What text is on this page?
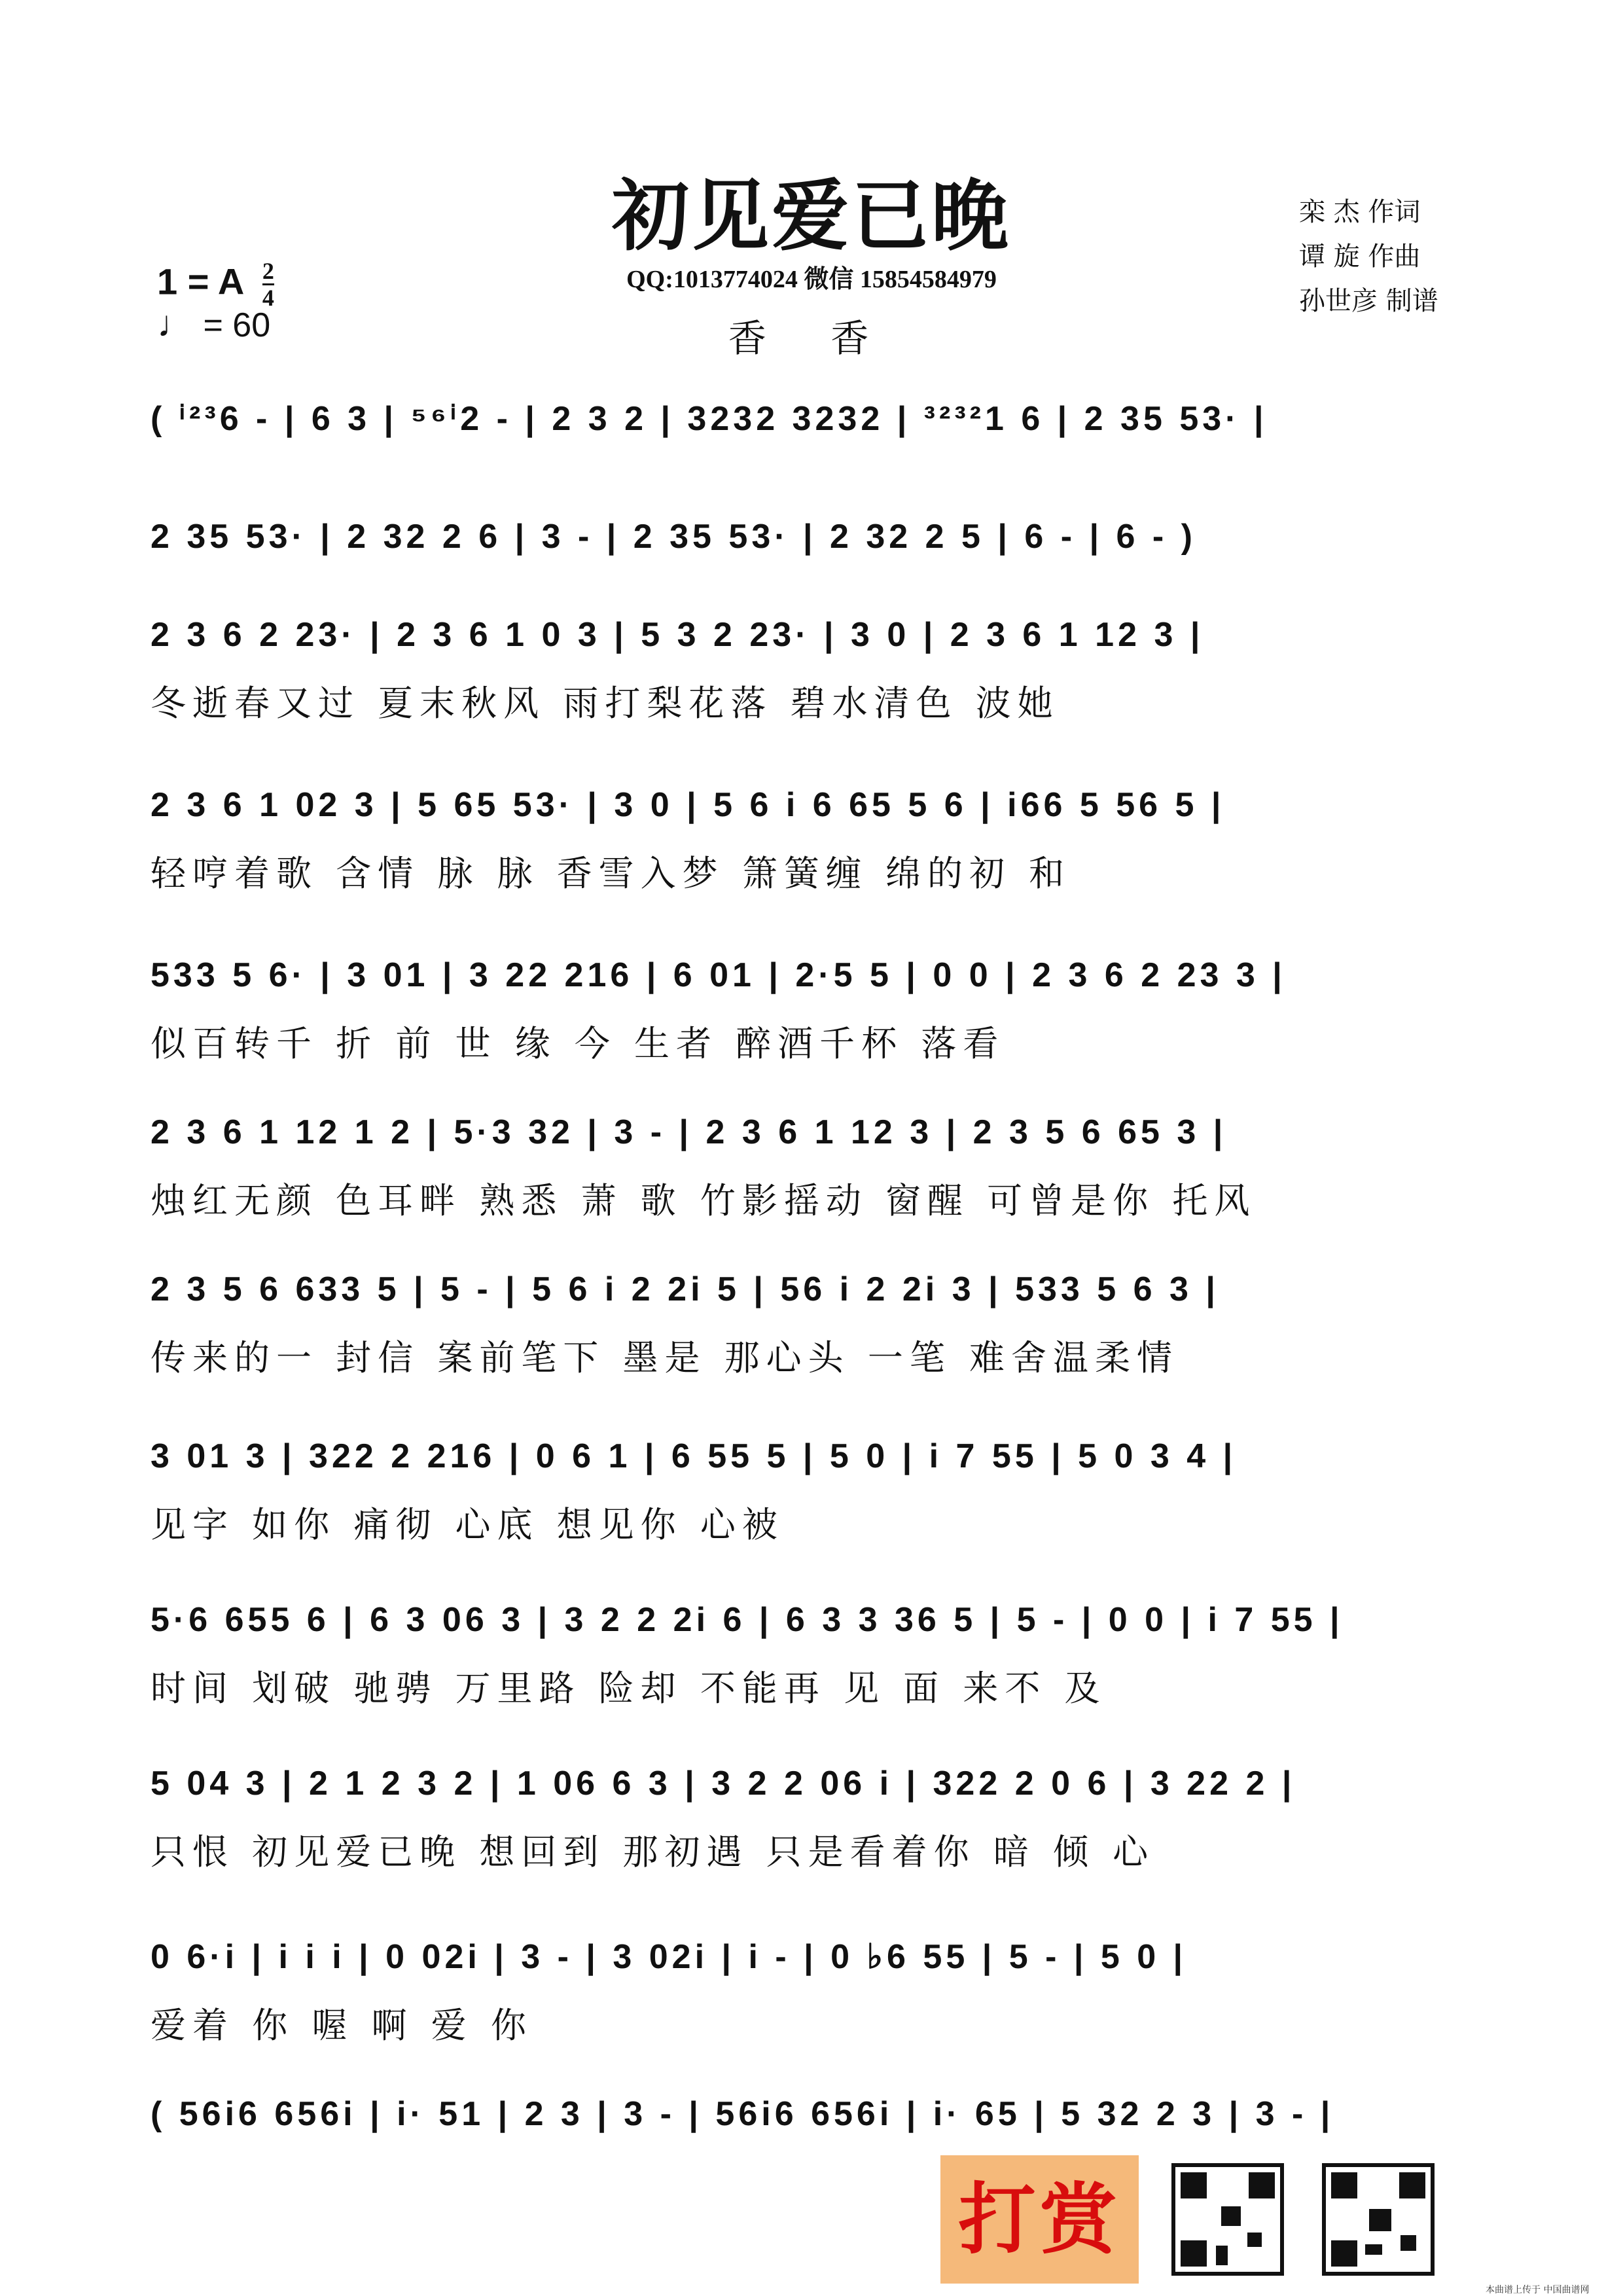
初见爱已晚
QQ:1013774024 微信 15854584979
香 香
栾 杰 作词
谭 旋 作曲
孙世彦 制谱
1 = A $\frac{2}{4}$
♩ = 60
( ⁱ²³6 - | 6 3 | ⁵⁶ⁱ2 - | 2 3 2 | 3232 3232 | ³²³²1 6 | 2 35 53· |
2 35 53· | 2 32 2 6 | 3 - | 2 35 53· | 2 32 2 5 | 6 - | 6 - )
2 3 6 2 23· | 2 3 6 1 0 3 | 5 3 2 23· | 3 0 | 2 3 6 1 12 3 |
冬逝春又过 夏末秋风 雨打梨花落 碧水清色 波她
2 3 6 1 02 3 | 5 65 53· | 3 0 | 5 6 i 6 65 5 6 | i66 5 56 5 |
轻哼着歌 含情 脉 脉 香雪入梦 箫簧缠 绵的初 和
533 5 6· | 3 01 | 3 22 216 | 6 01 | 2·5 5 | 0 0 | 2 3 6 2 23 3 |
似百转千 折 前 世 缘 今 生者 醉酒千杯 落看
2 3 6 1 12 1 2 | 5·3 32 | 3 - | 2 3 6 1 12 3 | 2 3 5 6 65 3 |
烛红无颜 色耳畔 熟悉 萧 歌 竹影摇动 窗醒 可曾是你 托风
2 3 5 6 633 5 | 5 - | 5 6 i 2 2i 5 | 56 i 2 2i 3 | 533 5 6 3 |
传来的一 封信 案前笔下 墨是 那心头 一笔 难舍温柔情
3 01 3 | 322 2 216 | 0 6 1 | 6 55 5 | 5 0 | i 7 55 | 5 0 3 4 |
见字 如你 痛彻 心底 想见你 心被
5·6 655 6 | 6 3 06 3 | 3 2 2 2i 6 | 6 3 3 36 5 | 5 - | 0 0 | i 7 55 |
时间 划破 驰骋 万里路 险却 不能再 见 面 来不 及
5 04 3 | 2 1 2 3 2 | 1 06 6 3 | 3 2 2 06 i | 322 2 0 6 | 3 22 2 |
只恨 初见爱已晚 想回到 那初遇 只是看着你 暗 倾 心
0 6·i | i i i | 0 02i | 3 - | 3 02i | i - | 0 ♭6 55 | 5 - | 5 0 |
爱着 你 喔 啊 爱 你
( 56i6 656i | i· 51 | 2 3 | 3 - | 56i6 656i | i· 65 | 5 32 2 3 | 3 - |
打赏
本曲谱上传于 中国曲谱网
